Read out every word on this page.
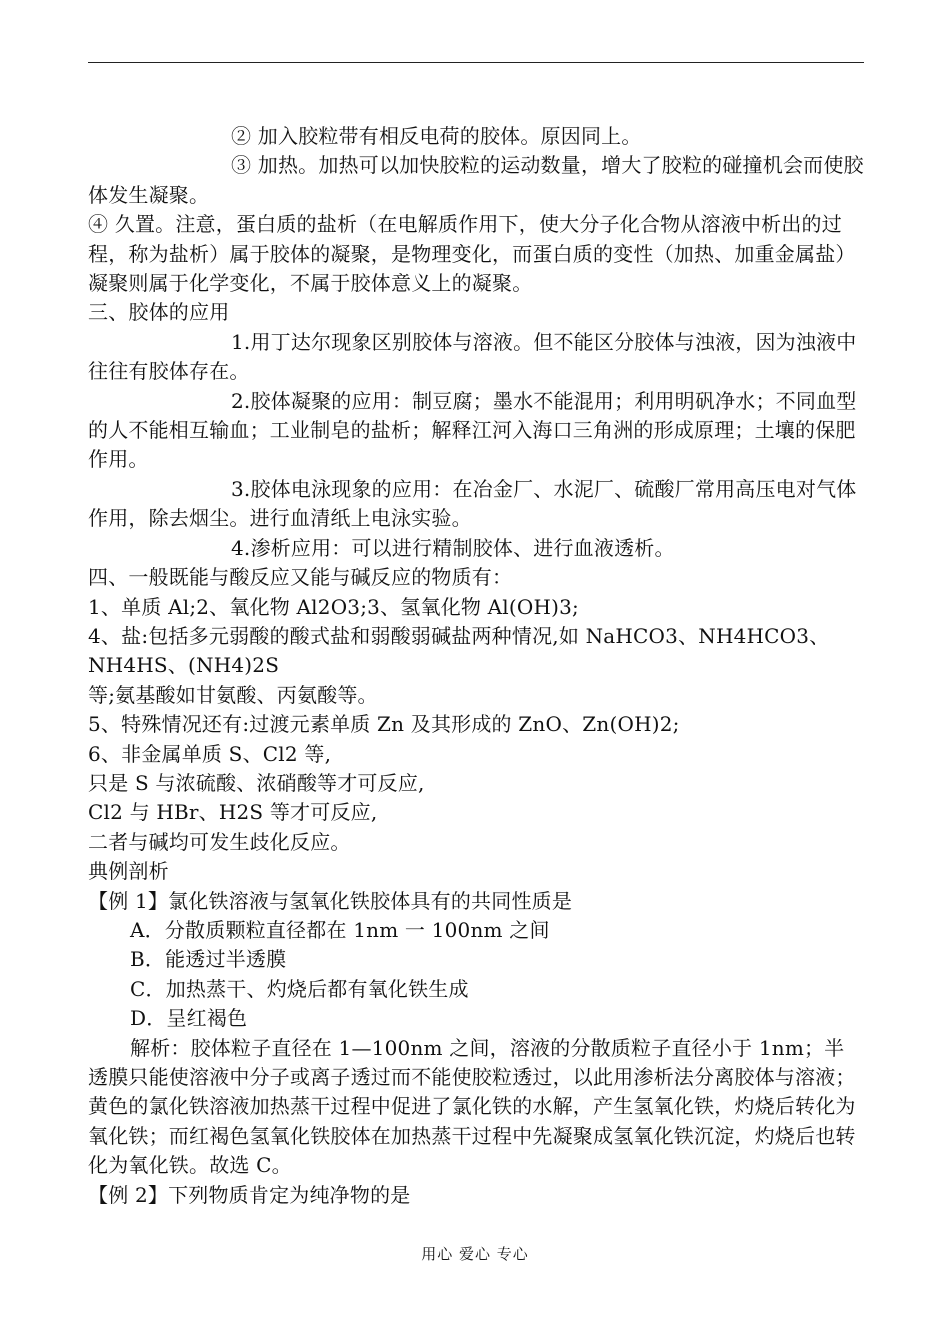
② 加入胶粒带有相反电荷的胶体。原因同上。

③ 加热。加热可以加快胶粒的运动数量，增大了胶粒的碰撞机会而使胶体发生凝聚。

④ 久置。注意，蛋白质的盐析（在电解质作用下，使大分子化合物从溶液中析出的过程，称为盐析）属于胶体的凝聚，是物理变化，而蛋白质的变性（加热、加重金属盐）凝聚则属于化学变化，不属于胶体意义上的凝聚。

三、胶体的应用

1.用丁达尔现象区别胶体与溶液。但不能区分胶体与浊液，因为浊液中往往有胶体存在。

2.胶体凝聚的应用：制豆腐；墨水不能混用；利用明矾净水；不同血型的人不能相互输血；工业制皂的盐析；解释江河入海口三角洲的形成原理；土壤的保肥作用。

3.胶体电泳现象的应用：在冶金厂、水泥厂、硫酸厂常用高压电对气体作用，除去烟尘。进行血清纸上电泳实验。

4.渗析应用：可以进行精制胶体、进行血液透析。

四、一般既能与酸反应又能与碱反应的物质有：

1、单质 Al;2、氧化物 Al2O3;3、氢氧化物 Al(OH)3;

4、盐:包括多元弱酸的酸式盐和弱酸弱碱盐两种情况,如 NaHCO3、NH4HCO3、NH4HS、(NH4)2S

等;氨基酸如甘氨酸、丙氨酸等。

5、特殊情况还有:过渡元素单质 Zn 及其形成的 ZnO、Zn(OH)2;

6、非金属单质 S、Cl2 等,

只是 S 与浓硫酸、浓硝酸等才可反应,

Cl2 与 HBr、H2S 等才可反应,

二者与碱均可发生歧化反应。

典例剖析

【例 1】氯化铁溶液与氢氧化铁胶体具有的共同性质是

A．分散质颗粒直径都在 1nm 一 100nm 之间

B．能透过半透膜

C．加热蒸干、灼烧后都有氧化铁生成

D．呈红褐色

解析：胶体粒子直径在 1—100nm 之间，溶液的分散质粒子直径小于 1nm；半透膜只能使溶液中分子或离子透过而不能使胶粒透过，以此用渗析法分离胶体与溶液；黄色的氯化铁溶液加热蒸干过程中促进了氯化铁的水解，产生氢氧化铁，灼烧后转化为氧化铁；而红褐色氢氧化铁胶体在加热蒸干过程中先凝聚成氢氧化铁沉淀，灼烧后也转化为氧化铁。故选 C。

【例 2】下列物质肯定为纯净物的是

用心 爱心 专心
